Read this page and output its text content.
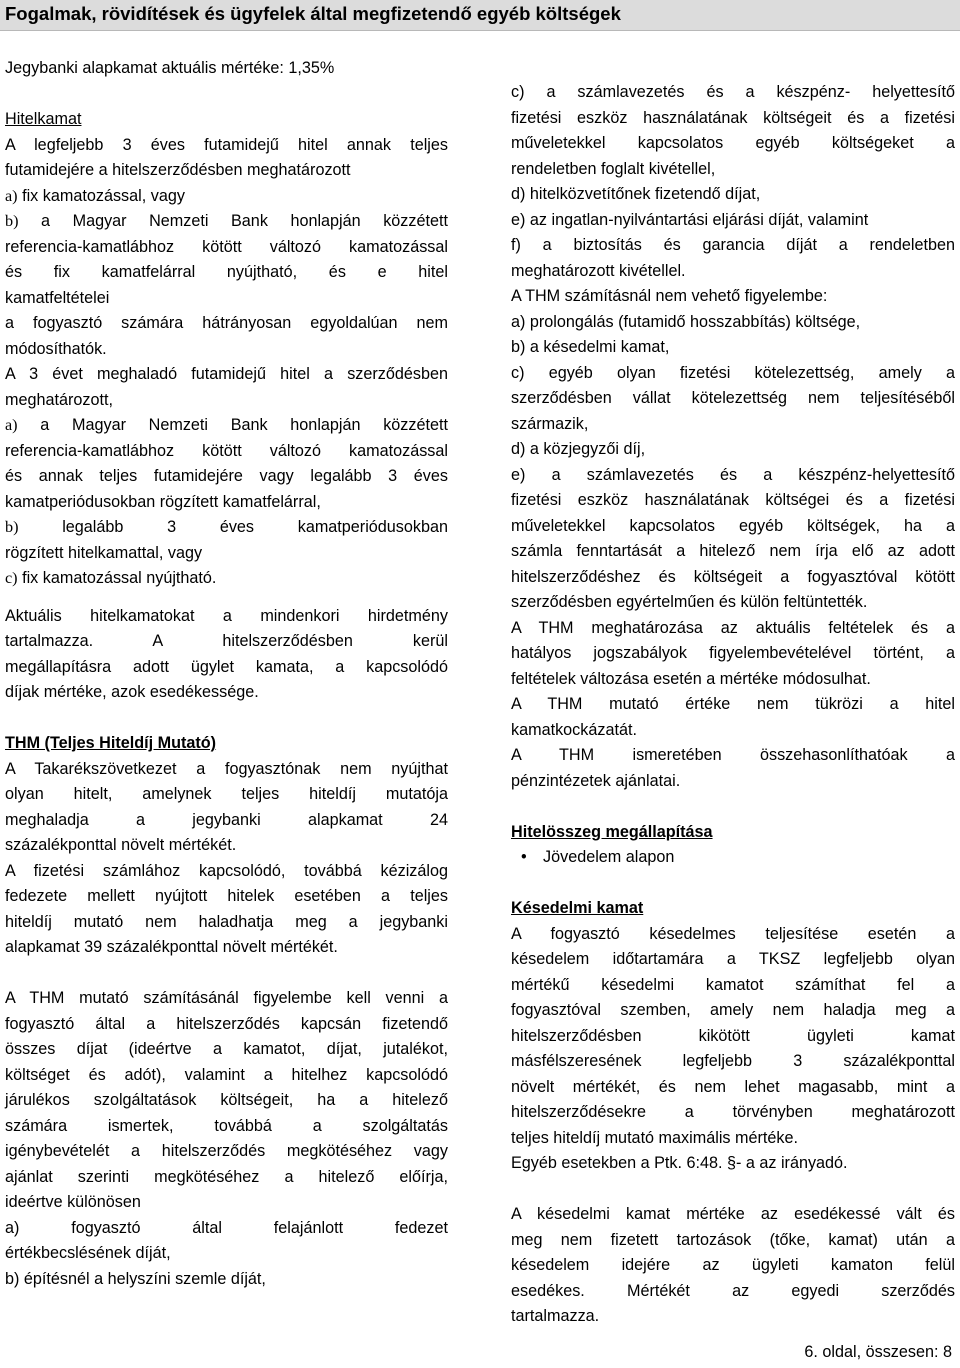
Fogalmak, rövidítések és ügyfelek által megfizetendő egyéb költségek

Jegybanki alapkamat aktuális mértéke: 1,35%

Hitelkamat

A legfeljebb 3 éves futamidejű hitel annak teljes

futamidejére a hitelszerződésben meghatározott

a) fix kamatozással, vagy

b) a Magyar Nemzeti Bank honlapján közzétett

referencia-kamatlábhoz kötött változó kamatozással

és fix kamatfelárral nyújtható, és e hitel

kamatfeltételei

a fogyasztó számára hátrányosan egyoldalúan nem

módosíthatók.

A 3 évet meghaladó futamidejű hitel a szerződésben

meghatározott,

a) a Magyar Nemzeti Bank honlapján közzétett

referencia-kamatlábhoz kötött változó kamatozással

és annak teljes futamidejére vagy legalább 3 éves

kamatperiódusokban rögzített kamatfelárral,

b)	legalább 3 éves kamatperiódusokban

rögzített hitelkamattal, vagy

c) fix kamatozással nyújtható.

Aktuális hitelkamatokat a mindenkori hirdetmény

tartalmazza. A hitelszerződésben kerül

megállapításra adott ügylet kamata, a kapcsolódó

díjak mértéke, azok esedékessége.

THM (Teljes Hiteldíj Mutató)

A Takarékszövetkezet a fogyasztónak nem nyújthat

olyan hitelt, amelynek teljes hiteldíj mutatója

meghaladja a jegybanki alapkamat 24

százalékponttal növelt mértékét.

A fizetési számlához kapcsolódó, továbbá kézizálog

fedezete mellett nyújtott hitelek esetében a teljes

hiteldíj mutató nem haladhatja meg a jegybanki

alapkamat 39 százalékponttal növelt mértékét.

A THM mutató számításánál figyelembe kell venni a

fogyasztó által a hitelszerződés kapcsán fizetendő

összes díjat (ideértve a kamatot, díjat, jutalékot,

költséget és adót), valamint a hitelhez kapcsolódó

járulékos szolgáltatások költségeit, ha a hitelező

számára ismertek, továbbá a szolgáltatás

igénybevételét a hitelszerződés megkötéséhez vagy

ajánlat szerinti megkötéséhez a hitelező előírja,

ideértve különösen

a) fogyasztó által felajánlott fedezet

értékbecslésének díját,

b) építésnél a helyszíni szemle díját,

c) a számlavezetés és a készpénz- helyettesítő

fizetési eszköz használatának költségeit és a fizetési

műveletekkel kapcsolatos egyéb költségeket a

rendeletben foglalt kivétellel,

d) hitelközvetítőnek fizetendő díjat,

e) az ingatlan-nyilvántartási eljárási díját, valamint

f) a biztosítás és garancia díját a rendeletben

meghatározott kivétellel.

A THM számításnál nem vehető figyelembe:

a) prolongálás (futamidő hosszabbítás) költsége,

b) a késedelmi kamat,

c) egyéb olyan fizetési kötelezettség, amely a

szerződésben vállat kötelezettség nem teljesítéséből

származik,

d) a közjegyzői díj,

e) a számlavezetés és a készpénz-helyettesítő

fizetési eszköz használatának költségei és a fizetési

műveletekkel kapcsolatos egyéb költségek, ha a

számla fenntartását a hitelező nem írja elő az adott

hitelszerződéshez és költségeit a fogyasztóval kötött

szerződésben egyértelműen és külön feltüntették.

A THM meghatározása az aktuális feltételek és a

hatályos jogszabályok figyelembevételével történt, a

feltételek változása esetén a mértéke módosulhat.

A THM mutató értéke nem tükrözi a hitel

kamatkockázatát.

A THM ismeretében összehasonlíthatóak a

pénzintézetek ajánlatai.

Hitelösszeg megállapítása

• Jövedelem alapon

Késedelmi kamat

A fogyasztó késedelmes teljesítése esetén a

késedelem időtartamára a TKSZ legfeljebb olyan

mértékű késedelmi kamatot számíthat fel a

fogyasztóval szemben, amely nem haladja meg a

hitelszerződésben kikötött ügyleti kamat

másfélszeresének legfeljebb 3 százalékponttal

növelt mértékét, és nem lehet magasabb, mint a

hitelszerződésekre a törvényben meghatározott

teljes hiteldíj mutató maximális mértéke.

Egyéb esetekben a Ptk. 6:48. §- a az irányadó.

A késedelmi kamat mértéke az esedékessé vált és

meg nem fizetett tartozások (tőke, kamat) után a

késedelem idejére az ügyleti kamaton felül

esedékes. Mértékét az egyedi szerződés

tartalmazza.

6. oldal, összesen: 8
